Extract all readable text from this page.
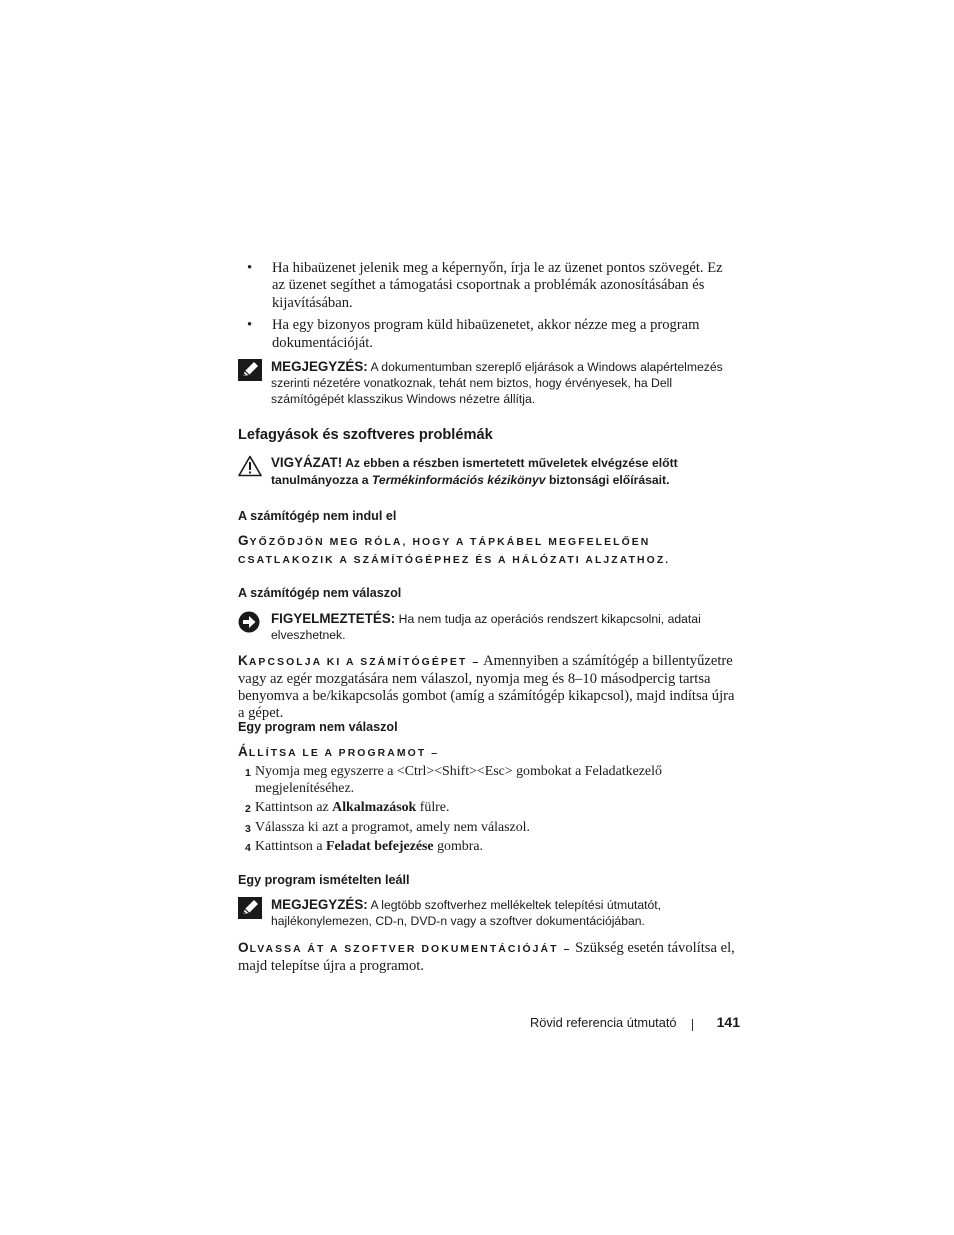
• Ha hibaüzenet jelenik meg a képernyőn, írja le az üzenet pontos szövegét. Ez az üzenet segíthet a támogatási csoportnak a problémák azonosításában és kijavításában.
• Ha egy bizonyos program küld hibaüzenetet, akkor nézze meg a program dokumentációját.
MEGJEGYZÉS: A dokumentumban szereplő eljárások a Windows alapértelmezés szerinti nézetére vonatkoznak, tehát nem biztos, hogy érvényesek, ha Dell számítógépét klasszikus Windows nézetre állítja.
Lefagyások és szoftveres problémák
VIGYÁZAT! Az ebben a részben ismertetett műveletek elvégzése előtt tanulmányozza a Termékinformációs kézikönyv biztonsági előírásait.
A számítógép nem indul el
GYŐZŐDJÖN MEG RÓLA, HOGY A TÁPKÁBEL MEGFELELŐEN CSATLAKOZIK A SZÁMÍTÓGÉPHEZ ÉS A HÁLÓZATI ALJZATHOZ.
A számítógép nem válaszol
FIGYELMEZTETÉS: Ha nem tudja az operációs rendszert kikapcsolni, adatai elveszhetnek.
KAPCSOLJA KI A SZÁMÍTÓGÉPET – Amennyiben a számítógép a billentyűzetre vagy az egér mozgatására nem válaszol, nyomja meg és 8–10 másodpercig tartsa benyomva a be/kikapcsolás gombot (amíg a számítógép kikapcsol), majd indítsa újra a gépet.
Egy program nem válaszol
ÁLLÍTSA LE A PROGRAMOT –
1 Nyomja meg egyszerre a <Ctrl><Shift><Esc> gombokat a Feladatkezelő megjelenítéséhez.
2 Kattintson az Alkalmazások fülre.
3 Válassza ki azt a programot, amely nem válaszol.
4 Kattintson a Feladat befejezése gombra.
Egy program ismételten leáll
MEGJEGYZÉS: A legtöbb szoftverhez mellékeltek telepítési útmutatót, hajlékonylemezen, CD-n, DVD-n vagy a szoftver dokumentációjában.
OLVASSA ÁT A SZOFTVER DOKUMENTÁCIÓJÁT – Szükség esetén távolítsa el, majd telepítse újra a programot.
Rövid referencia útmutató	141
